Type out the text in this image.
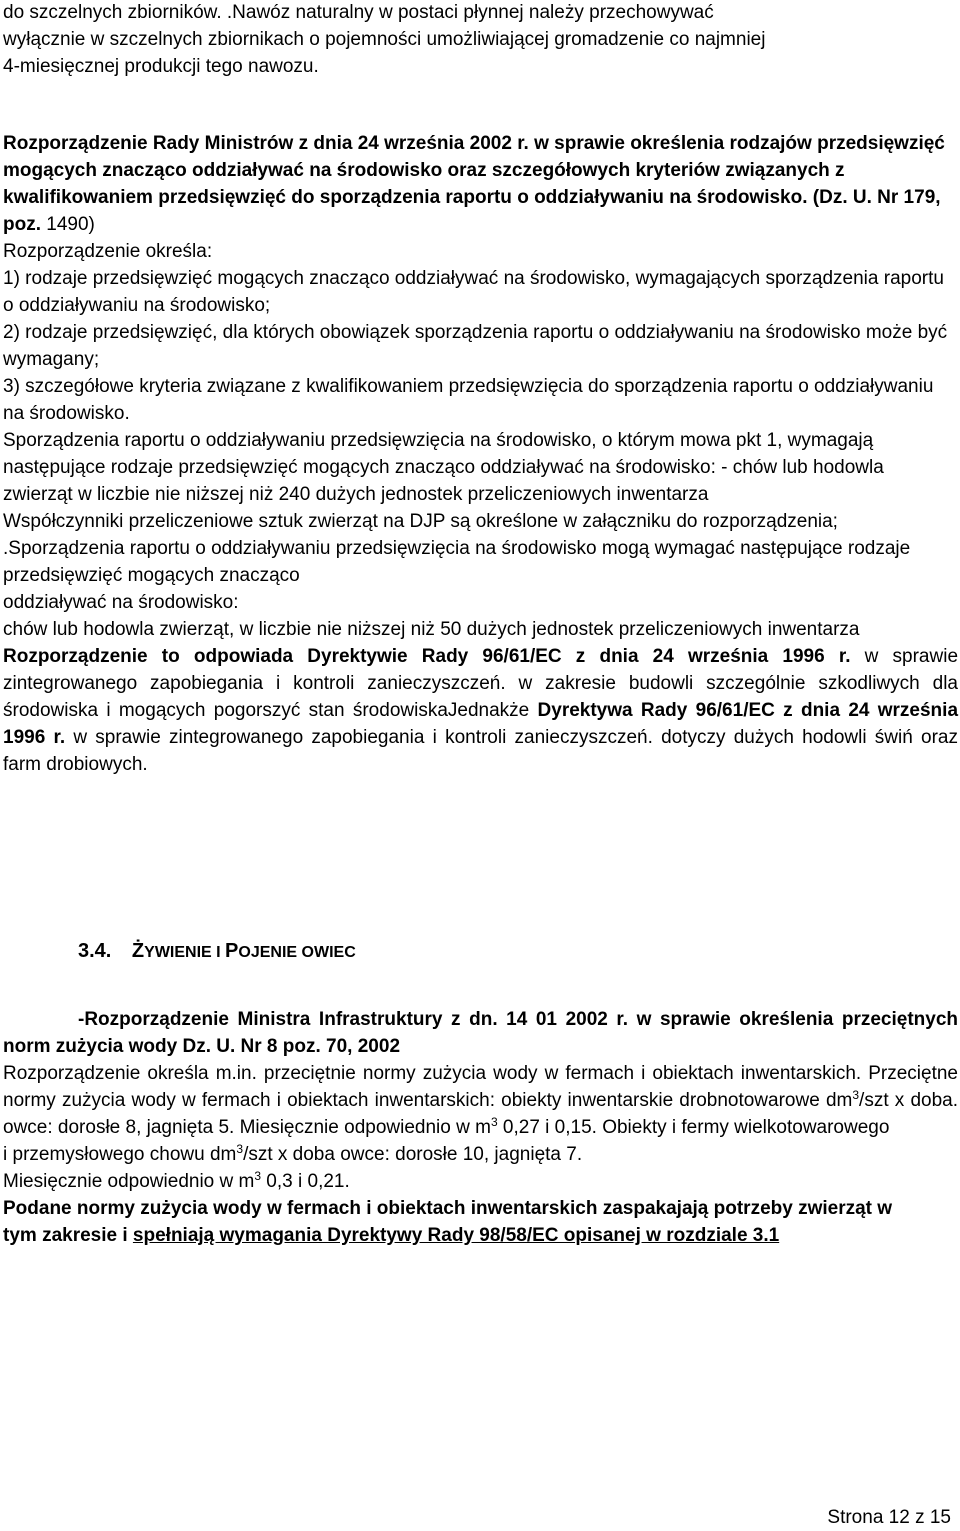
do szczelnych zbiorników. .Nawóz naturalny w postaci płynnej należy przechowywać
wyłącznie w szczelnych zbiornikach o pojemności umożliwiającej gromadzenie co najmniej
4-miesięcznej produkcji tego nawozu.

Rozporządzenie Rady Ministrów z dnia 24 września 2002 r. w sprawie określenia rodzajów przedsięwzięć mogących znacząco oddziaływać na środowisko oraz szczegółowych kryteriów związanych z kwalifikowaniem przedsięwzięć do sporządzenia raportu o oddziaływaniu na środowisko. (Dz. U. Nr 179, poz. 1490)

Rozporządzenie określa:

1) rodzaje przedsięwzięć mogących znacząco oddziaływać na środowisko, wymagających sporządzenia raportu o oddziaływaniu na środowisko;

2) rodzaje przedsięwzięć, dla których obowiązek sporządzenia raportu o oddziaływaniu na środowisko może być wymagany;

3) szczegółowe kryteria związane z kwalifikowaniem przedsięwzięcia do sporządzenia raportu o oddziaływaniu na środowisko.

Sporządzenia raportu o oddziaływaniu przedsięwzięcia na środowisko, o którym mowa pkt 1, wymagają następujące rodzaje przedsięwzięć mogących znacząco oddziaływać na środowisko: - chów lub hodowla zwierząt w liczbie nie niższej niż 240 dużych jednostek przeliczeniowych inwentarza

Współczynniki przeliczeniowe sztuk zwierząt na DJP są określone w załączniku do rozporządzenia;

.Sporządzenia raportu o oddziaływaniu przedsięwzięcia na środowisko mogą wymagać następujące rodzaje przedsięwzięć mogących znacząco
oddziaływać na środowisko:
chów lub hodowla zwierząt, w liczbie nie niższej niż 50 dużych jednostek przeliczeniowych inwentarza

Rozporządzenie to odpowiada Dyrektywie Rady 96/61/EC z dnia 24 września 1996 r. w sprawie zintegrowanego zapobiegania i kontroli zanieczyszczeń. w zakresie budowli szczególnie szkodliwych dla środowiska i mogących pogorszyć stan środowiskaJednakże Dyrektywa Rady 96/61/EC z dnia 24 września 1996 r. w sprawie zintegrowanego zapobiegania i kontroli zanieczyszczeń. dotyczy dużych hodowli świń oraz farm drobiowych.

3.4. ŻYWIENIE I POJENIE OWIEC

-Rozporządzenie Ministra Infrastruktury z dn. 14 01 2002 r. w sprawie określenia przeciętnych norm zużycia wody Dz. U. Nr 8 poz. 70, 2002

Rozporządzenie określa m.in. przeciętnie normy zużycia wody w fermach i obiektach inwentarskich. Przeciętne normy zużycia wody w fermach i obiektach inwentarskich: obiekty inwentarskie drobnotowarowe $dm^3$/szt x doba. owce: dorosłe 8, jagnięta 5. Miesięcznie odpowiednio w $m^3$ 0,27 i 0,15. Obiekty i fermy wielkotowarowego

i przemysłowego chowu $dm^3$/szt x doba owce: dorosłe 10, jagnięta 7.

Miesięcznie odpowiednio w $m^3$ 0,3 i 0,21.

Podane normy zużycia wody w fermach i obiektach inwentarskich zaspakajają potrzeby zwierząt w tym zakresie i spełniają wymagania Dyrektywy Rady 98/58/EC opisanej w rozdziale 3.1

Strona 12 z 15
